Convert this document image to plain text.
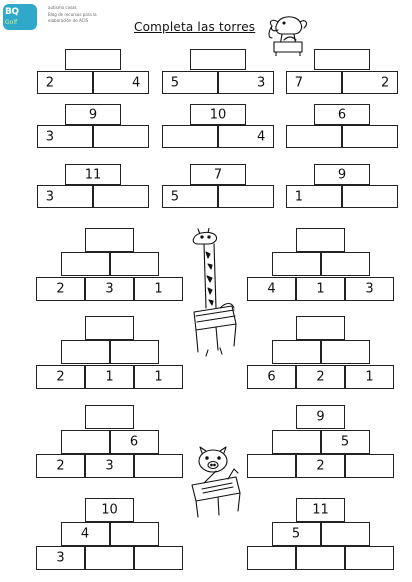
BQ
Golf
autismo cosas
Blog de recursos para la
elaboración de ACIS	Completa las torres
2	4 5	3 7	2
9
3
10
4
6
11
3
7
5
9
1
2	3	1	4	1	3
2	1	1	6	2	1
6
2	3
9
5
2
10
4
3
11
5
